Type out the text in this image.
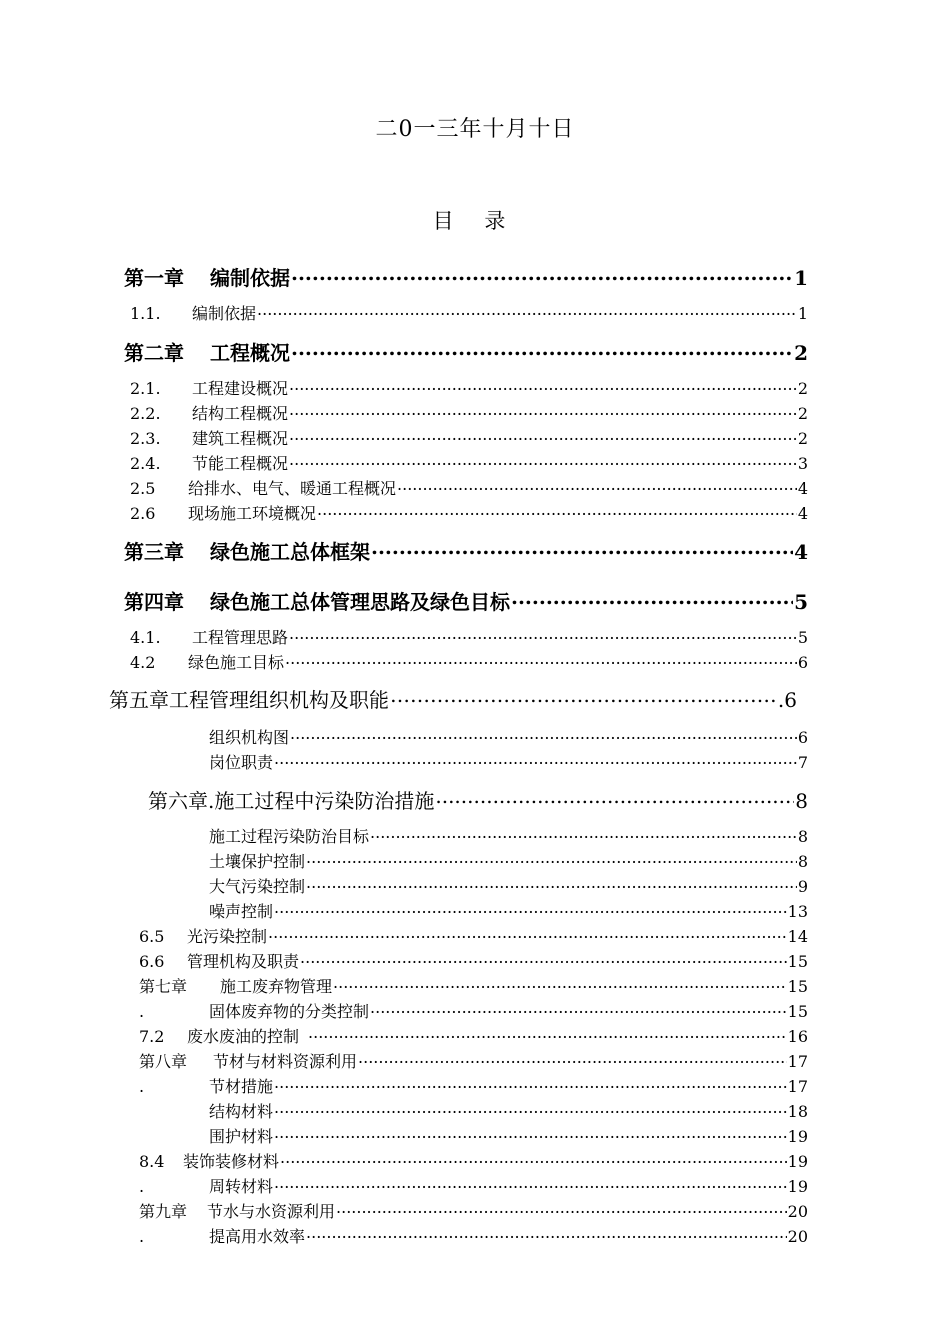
二0一三年十月十日
目 录
第一章	编制依据 .....	1
1.1.	编制依据 .....	1
第二章	工程概况 .....	2
2.1.	工程建设概况 .....	2
2.2.	结构工程概况 .....	2
2.3.	建筑工程概况 .....	2
2.4.	节能工程概况 .....	3
2.5	给排水、电气、暖通工程概况 .....	4
2.6	现场施工环境概况 .....	4
第三章	绿色施工总体框架 .....	4
第四章	绿色施工总体管理思路及绿色目标 .....	5
4.1.	工程管理思路 .....	5
4.2	绿色施工目标 .....	6
第五章工程管理组织机构及职能 ……………………………………………………………………………………	.6
组织机构图 .....	6
岗位职责 .....	7
第六章.施工过程中污染防治措施 .....	8
施工过程污染防治目标 .....	8
土壤保护控制 .....	8
大气污染控制 .....	9
噪声控制 .....	13
6.5	光污染控制 .....	14
6.6	管理机构及职责 .....	15
第七章	施工废弃物管理 .....	15
.	固体废弃物的分类控制 .....	15
7.2	废水废油的控制 .....	16
第八章	节材与材料资源利用 .....	17
.	节材措施 .....	17
结构材料 .....	18
围护材料 .....	19
8.4	装饰装修材料 .....	19
.	周转材料 .....	19
第九章	节水与水资源利用 .....	20
.	提高用水效率 .....	20
